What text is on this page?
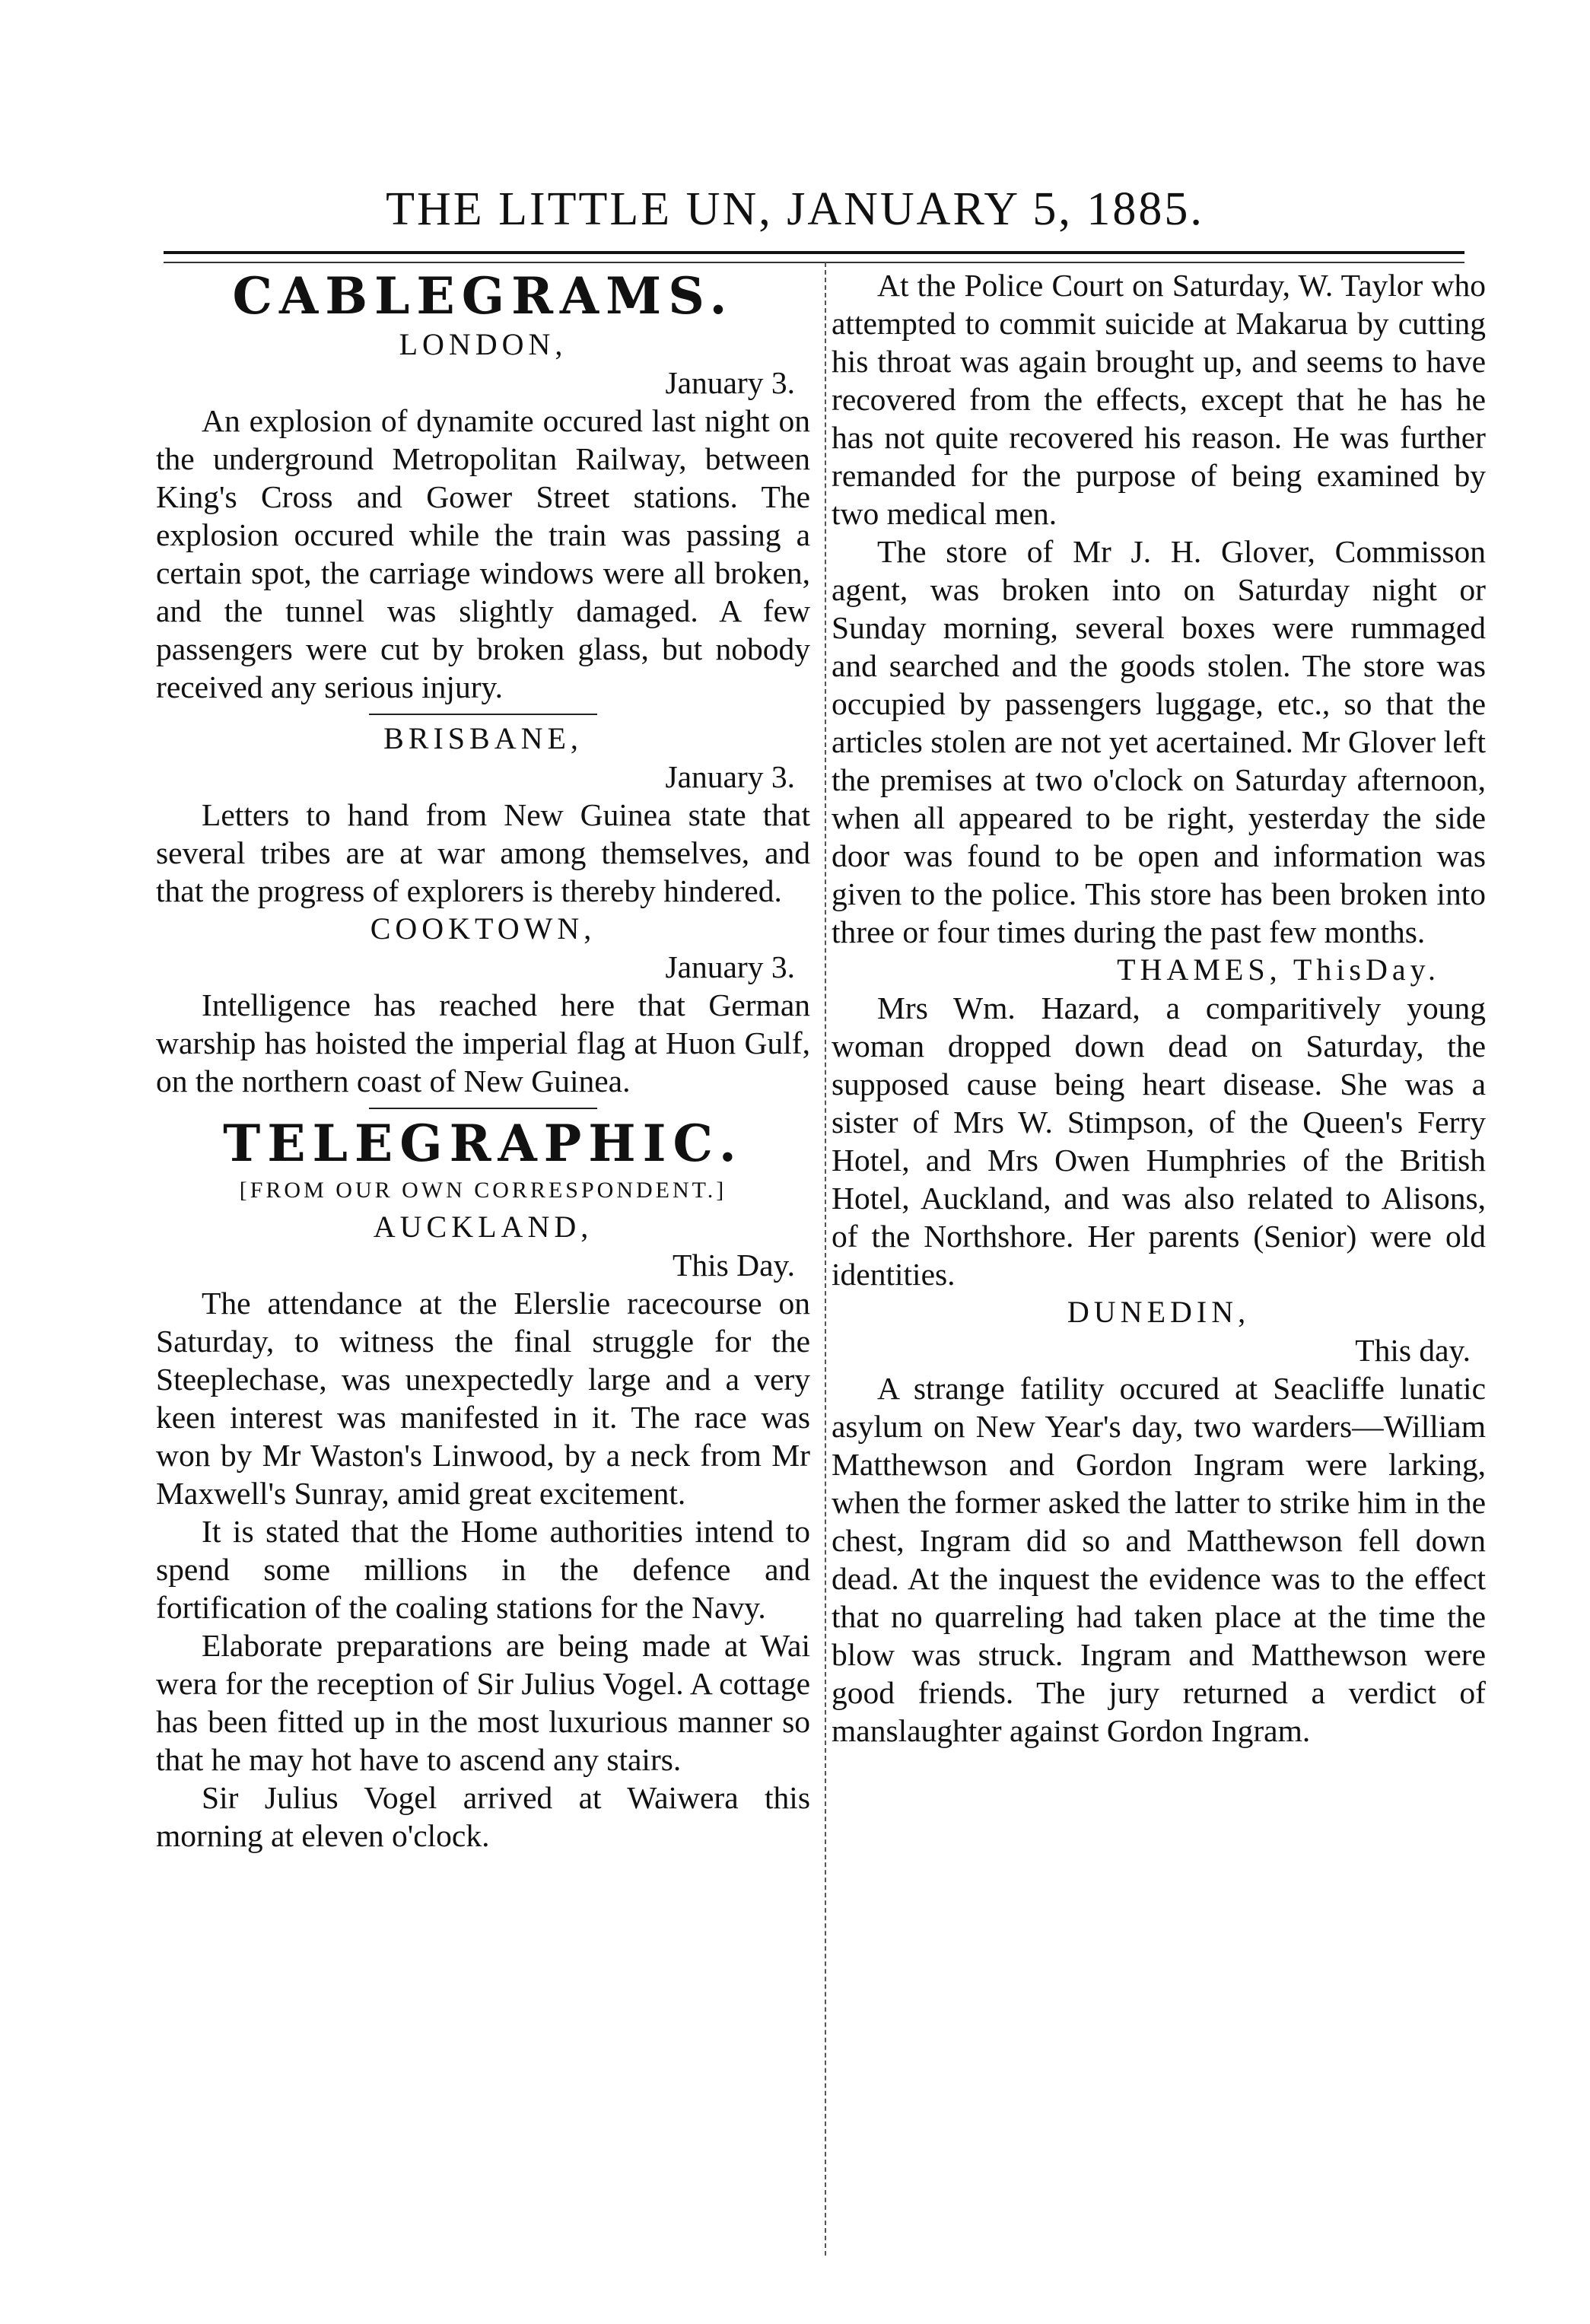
THE LITTLE UN, JANUARY 5, 1885.
CABLEGRAMS.
LONDON,
January 3.

An explosion of dynamite occured last night on the underground Metropolitan Railway, between King's Cross and Gower Street stations. The explosion occured while the train was passing a certain spot, the carriage windows were all broken, and the tunnel was slightly damaged. A few passengers were cut by broken glass, but nobody received any serious injury.

BRISBANE,
January 3.

Letters to hand from New Guinea state that several tribes are at war among themselves, and that the progress of explorers is thereby hindered.

COOKTOWN,
January 3.

Intelligence has reached here that German warship has hoisted the imperial flag at Huon Gulf, on the northern coast of New Guinea.

TELEGRAPHIC.
[FROM OUR OWN CORRESPONDENT.]
AUCKLAND,
This Day.

The attendance at the Elerslie racecourse on Saturday, to witness the final struggle for the Steeplechase, was unexpectedly large and a very keen interest was manifested in it. The race was won by Mr Waston's Linwood, by a neck from Mr Maxwell's Sunray, amid great excitement.

It is stated that the Home authorities intend to spend some millions in the defence and fortification of the coaling stations for the Navy.

Elaborate preparations are being made at Wai wera for the reception of Sir Julius Vogel. A cottage has been fitted up in the most luxurious manner so that he may hot have to ascend any stairs.

Sir Julius Vogel arrived at Waiwera this morning at eleven o'clock.

At the Police Court on Saturday, W. Taylor who attempted to commit suicide at Makarua by cutting his throat was again brought up, and seems to have recovered from the effects, except that he has he has not quite recovered his reason. He was further remanded for the purpose of being examined by two medical men.

The store of Mr J. H. Glover, Commisson agent, was broken into on Saturday night or Sunday morning, several boxes were rummaged and searched and the goods stolen. The store was occupied by passengers luggage, etc., so that the articles stolen are not yet acertained. Mr Glover left the premises at two o'clock on Saturday afternoon, when all appeared to be right, yesterday the side door was found to be open and information was given to the police. This store has been broken into three or four times during the past few months.

THAMES, ThisDay.

Mrs Wm. Hazard, a comparitively young woman dropped down dead on Saturday, the supposed cause being heart disease. She was a sister of Mrs W. Stimpson, of the Queen's Ferry Hotel, and Mrs Owen Humphries of the British Hotel, Auckland, and was also related to Alisons, of the Northshore. Her parents (Senior) were old identities.

DUNEDIN,
This day.

A strange fatility occured at Seacliffe lunatic asylum on New Year's day, two warders—William Matthewson and Gordon Ingram were larking, when the former asked the latter to strike him in the chest, Ingram did so and Matthewson fell down dead. At the inquest the evidence was to the effect that no quarreling had taken place at the time the blow was struck. Ingram and Matthewson were good friends. The jury returned a verdict of manslaughter against Gordon Ingram.
